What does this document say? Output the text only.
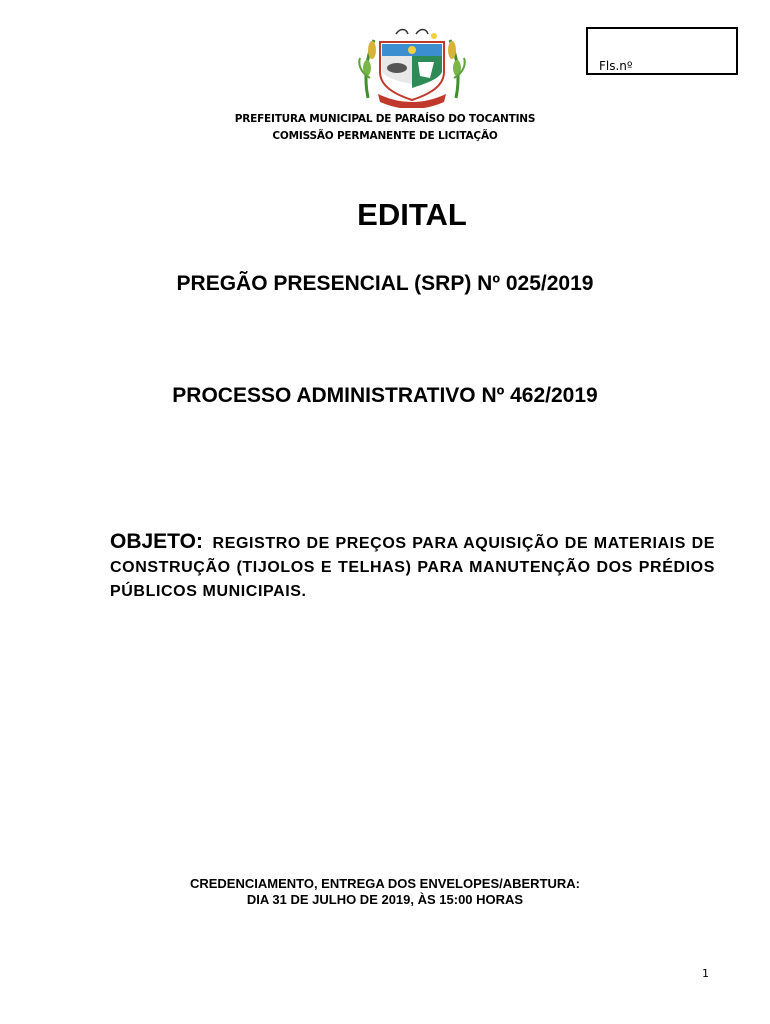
Fls.nº
PREFEITURA MUNICIPAL DE PARAÍSO DO TOCANTINS
COMISSÃO PERMANENTE DE LICITAÇÃO
EDITAL
PREGÃO PRESENCIAL (SRP) Nº 025/2019
PROCESSO ADMINISTRATIVO Nº 462/2019
OBJETO: REGISTRO DE PREÇOS PARA AQUISIÇÃO DE MATERIAIS DE CONSTRUÇÃO (TIJOLOS E TELHAS) PARA MANUTENÇÃO DOS PRÉDIOS PÚBLICOS MUNICIPAIS.
CREDENCIAMENTO, ENTREGA DOS ENVELOPES/ABERTURA:
DIA 31 DE JULHO DE 2019, ÀS 15:00 HORAS
1
